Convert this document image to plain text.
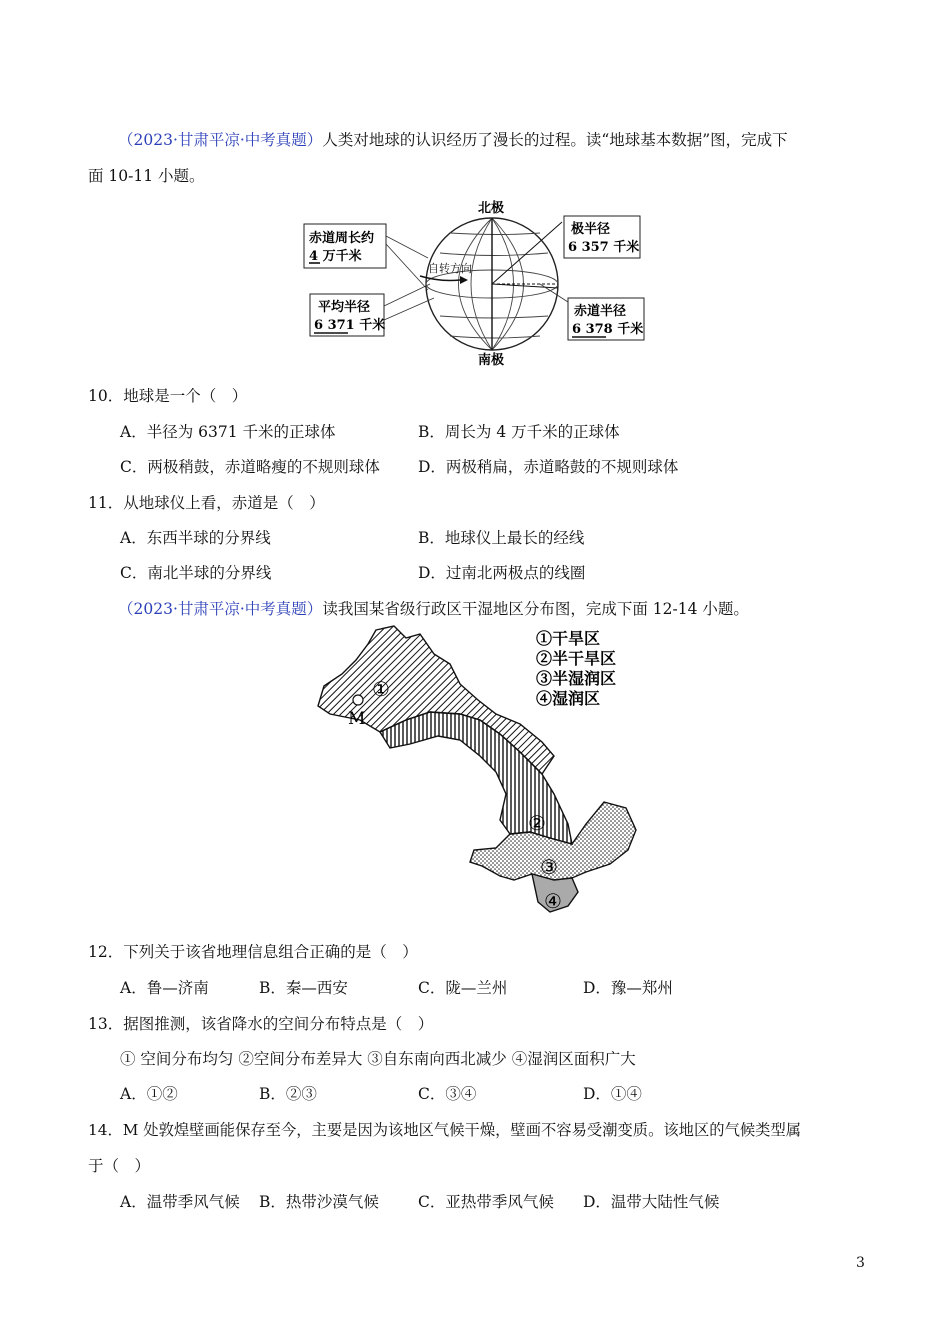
（2023·甘肃平凉·中考真题）人类对地球的认识经历了漫长的过程。读“地球基本数据”图，完成下
面 10-11 小题。
自转方向
北极
南极
赤道周长约
4 万千米
平均半径
6 371 千米
极半径
6 357 千米
赤道半径
6 378 千米
10．地球是一个（　）
A．半径为 6371 千米的正球体	B．周长为 4 万千米的正球体
C．两极稍鼓，赤道略瘦的不规则球体 D．两极稍扁，赤道略鼓的不规则球体
11．从地球仪上看，赤道是（　）
A．东西半球的分界线	B．地球仪上最长的经线
C．南北半球的分界线	D．过南北两极点的线圈
（2023·甘肃平凉·中考真题）读我国某省级行政区干湿地区分布图，完成下面 12-14 小题。
M
①
②
③
④
①干旱区
②半干旱区
③半湿润区
④湿润区
12．下列关于该省地理信息组合正确的是（　）
A．鲁—济南	B．秦—西安	C．陇—兰州	D．豫—郑州
13．据图推测，该省降水的空间分布特点是（　）
① 空间分布均匀 ②空间分布差异大 ③自东南向西北减少 ④湿润区面积广大
A．①②	B．②③	C．③④	D．①④
14．M 处敦煌壁画能保存至今，主要是因为该地区气候干燥，壁画不容易受潮变质。该地区的气候类型属
于（　）
A．温带季风气候 B．热带沙漠气候	C．亚热带季风气候 D．温带大陆性气候
3
